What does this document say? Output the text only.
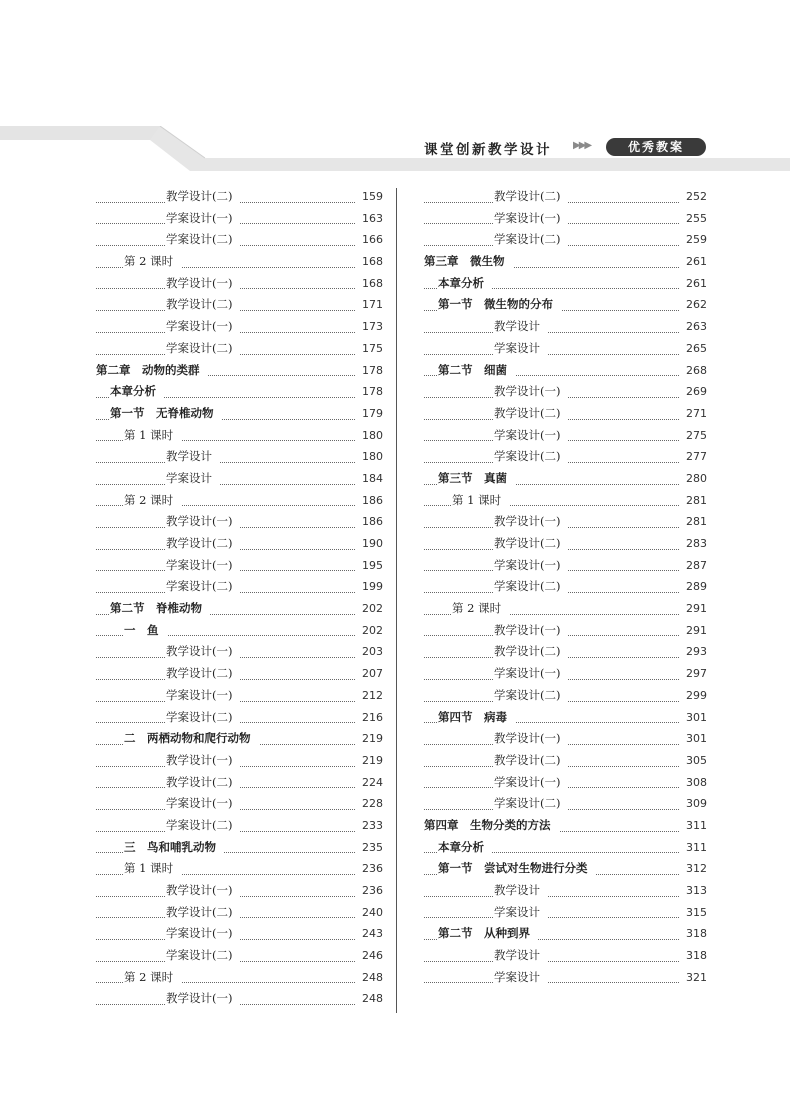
课堂创新教学设计 ▶▶▶	优秀教案
教学设计(二)	159
学案设计(一)	163
学案设计(二)	166
第 2 课时	168
教学设计(一)	168
教学设计(二)	171
学案设计(一)	173
学案设计(二)	175
第二章　动物的类群	178
本章分析	178
第一节　无脊椎动物	179
第 1 课时	180
教学设计	180
学案设计	184
第 2 课时	186
教学设计(一)	186
教学设计(二)	190
学案设计(一)	195
学案设计(二)	199
第二节　脊椎动物	202
一　鱼	202
教学设计(一)	203
教学设计(二)	207
学案设计(一)	212
学案设计(二)	216
二　两栖动物和爬行动物	219
教学设计(一)	219
教学设计(二)	224
学案设计(一)	228
学案设计(二)	233
三　鸟和哺乳动物	235
第 1 课时	236
教学设计(一)	236
教学设计(二)	240
学案设计(一)	243
学案设计(二)	246
第 2 课时	248
教学设计(一)	248
教学设计(二)	252
学案设计(一)	255
学案设计(二)	259
第三章　微生物	261
本章分析	261
第一节　微生物的分布	262
教学设计	263
学案设计	265
第二节　细菌	268
教学设计(一)	269
教学设计(二)	271
学案设计(一)	275
学案设计(二)	277
第三节　真菌	280
第 1 课时	281
教学设计(一)	281
教学设计(二)	283
学案设计(一)	287
学案设计(二)	289
第 2 课时	291
教学设计(一)	291
教学设计(二)	293
学案设计(一)	297
学案设计(二)	299
第四节　病毒	301
教学设计(一)	301
教学设计(二)	305
学案设计(一)	308
学案设计(二)	309
第四章　生物分类的方法	311
本章分析	311
第一节　尝试对生物进行分类	312
教学设计	313
学案设计	315
第二节　从种到界	318
教学设计	318
学案设计	321
